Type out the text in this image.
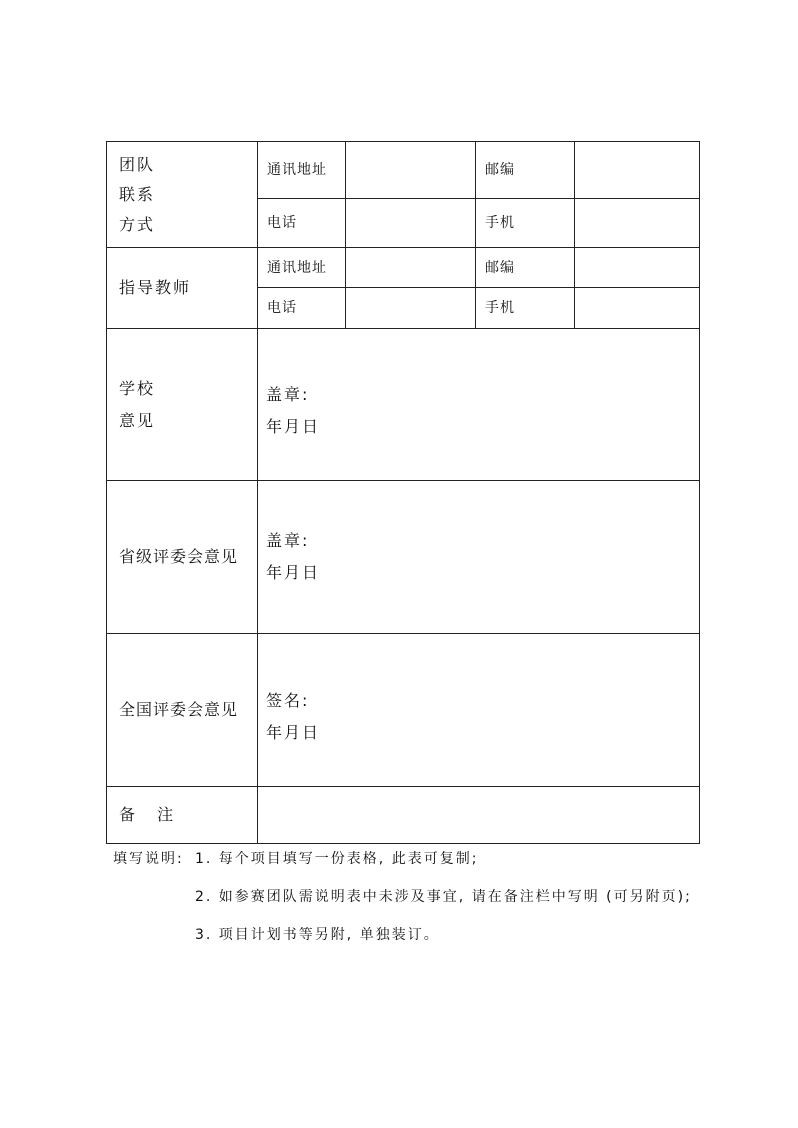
团队
联系
方式	通讯地址		邮编	
	电话		手机	

指导教师	通讯地址		邮编	
	电话		手机	

学校
意见	盖章:
年月日			

省级评委会意见	盖章:
年月日			

全国评委会意见	签名:
年月日			

备  注				

填写说明: 1. 每个项目填写一份表格, 此表可复制;
2. 如参赛团队需说明表中未涉及事宜, 请在备注栏中写明 (可另附页);
3. 项目计划书等另附, 单独装订。
